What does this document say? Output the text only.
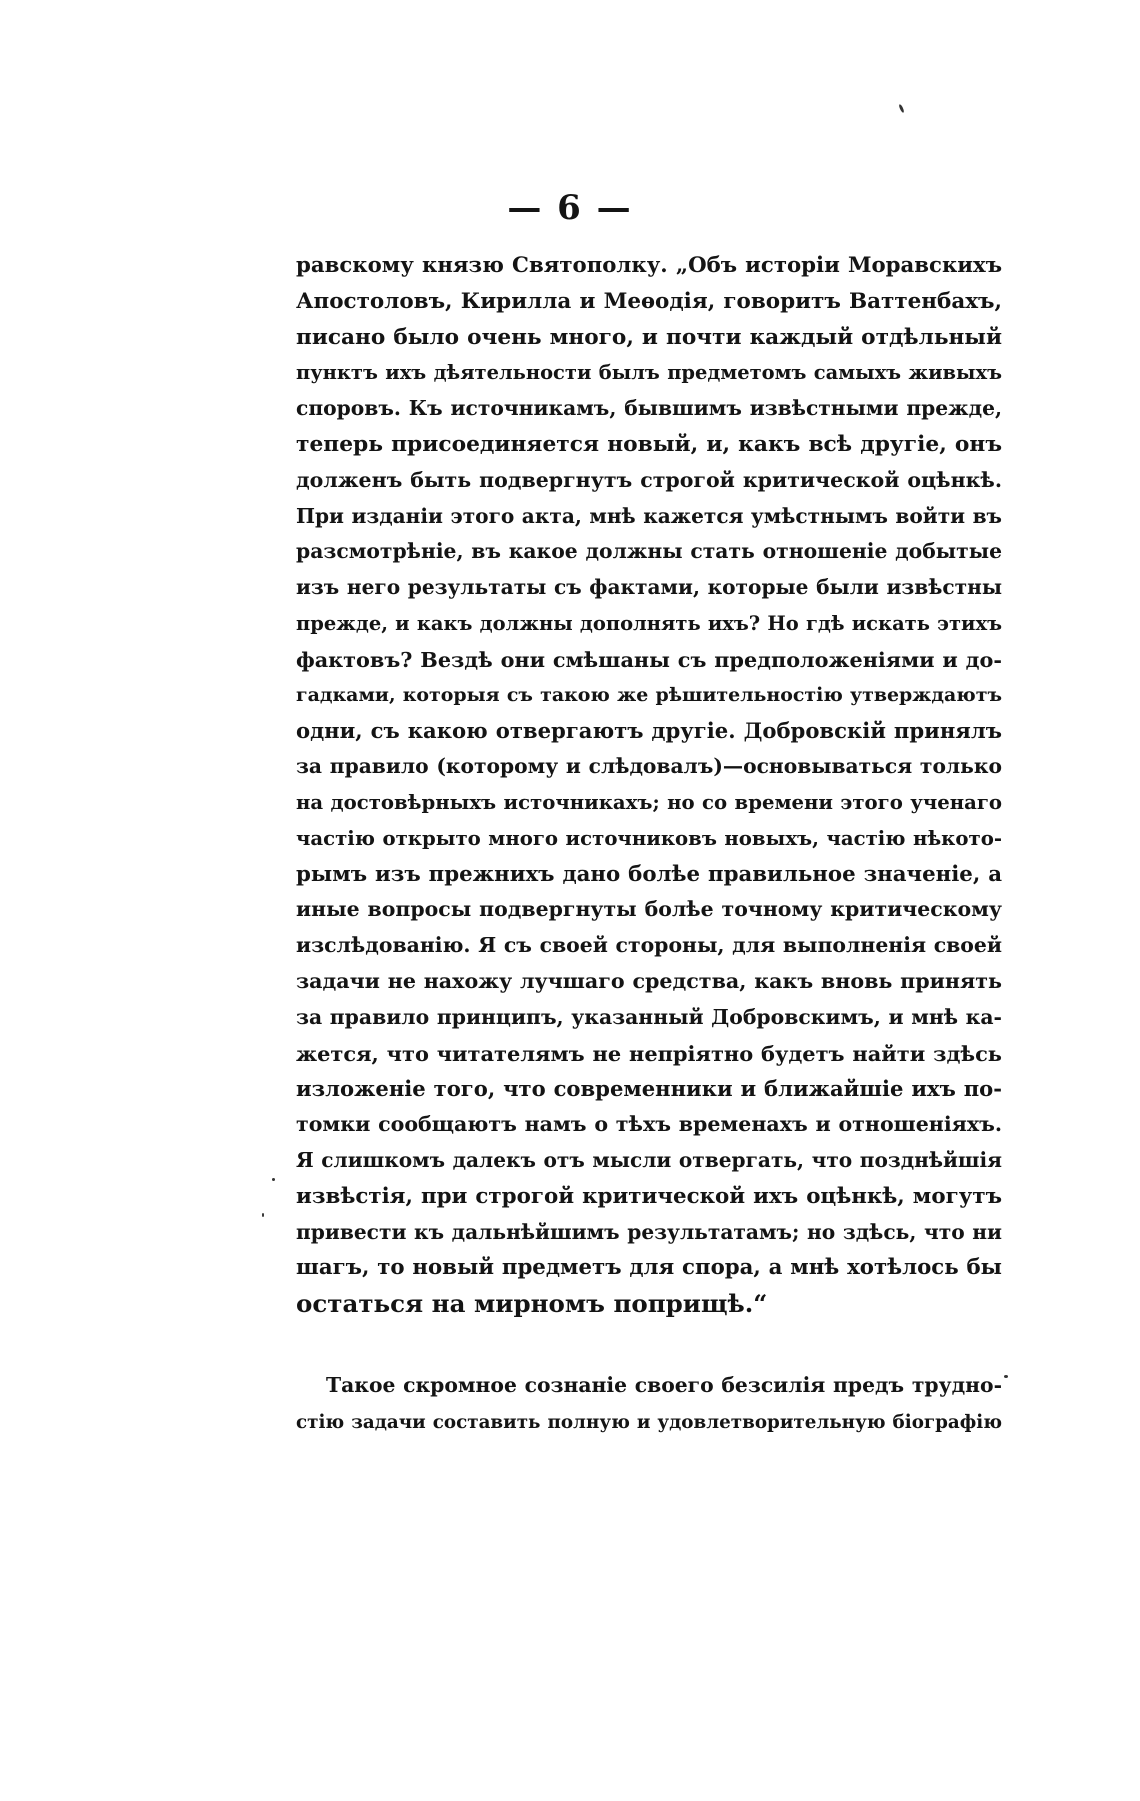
— 6 —
равскому князю Святополку. „Объ исторiи Моравскихъ
Апостоловъ, Кирилла и Меѳодія, говоритъ Ваттенбахъ,
писано было очень много, и почти каждый отдѣльный
пунктъ ихъ дѣятельности былъ предметомъ самыхъ живыхъ
споровъ. Къ источникамъ, бывшимъ извѣстными прежде,
теперь присоединяется новый, и, какъ всѣ другіе, онъ
долженъ быть подвергнутъ строгой критической оцѣнкѣ.
При изданіи этого акта, мнѣ кажется умѣстнымъ войти въ
разсмотрѣніе, въ какое должны стать отношеніе добытые
изъ него результаты съ фактами, которые были извѣстны
прежде, и какъ должны дополнять ихъ? Но гдѣ искать этихъ
фактовъ? Вездѣ они смѣшаны съ предположеніями и до-
гадками, которыя съ такою же рѣшительностію утверждаютъ
одни, съ какою отвергаютъ другіе. Добровскій принялъ
за правило (которому и слѣдовалъ)—основываться только
на достовѣрныхъ источникахъ; но со времени этого ученаго
частію открыто много источниковъ новыхъ, частію нѣкото-
рымъ изъ прежнихъ дано болѣе правильное значеніе, а
иные вопросы подвергнуты болѣе точному критическому
изслѣдованію. Я съ своей стороны, для выполненія своей
задачи не нахожу лучшаго средства, какъ вновь принять
за правило принципъ, указанный Добровскимъ, и мнѣ ка-
жется, что читателямъ не непріятно будетъ найти здѣсь
изложеніе того, что современники и ближайшіе ихъ по-
томки сообщаютъ намъ о тѣхъ временахъ и отношеніяхъ.
Я слишкомъ далекъ отъ мысли отвергать, что позднѣйшія
извѣстія, при строгой критической ихъ оцѣнкѣ, могутъ
привести къ дальнѣйшимъ результатамъ; но здѣсь, что ни
шагъ, то новый предметъ для спора, а мнѣ хотѣлось бы
остаться на мирномъ поприщѣ.“
Такое скромное сознаніе своего безсилія предъ трудно-
стію задачи составить полную и удовлетворительную біографію
